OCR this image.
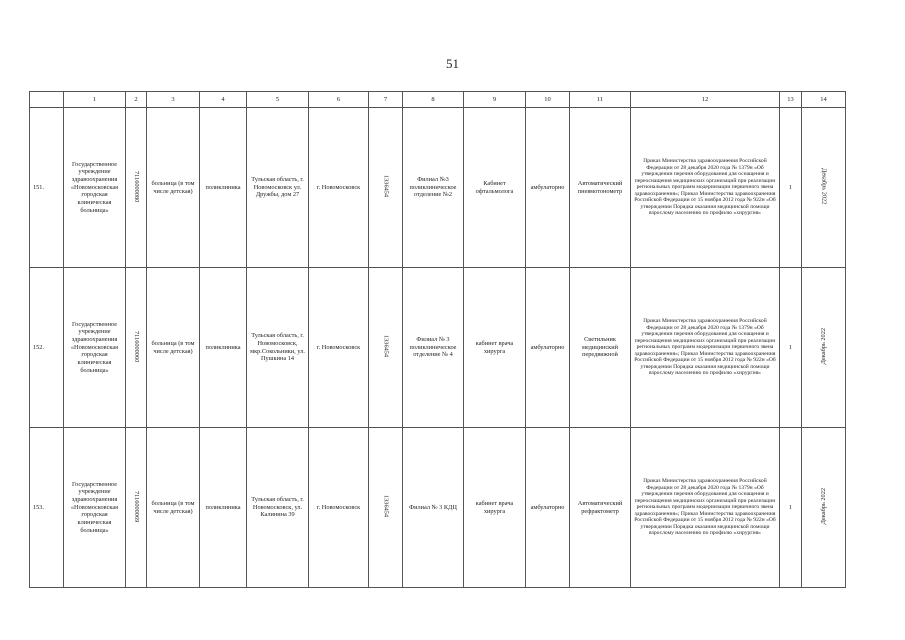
51
	1	2	3	4	5	6	7	8	9	10	11	12	13	14
151.	Государственное учреждение здравоохранения «Новомосковская городская клиническая больница»	7116000080	больница (в том числе детская)	поликлиника	Тульская область, г. Новомосковск ул. Дружбы, дом 27	г. Новомосковск	1336454	Филиал №3 поликлиническое отделение №2	Кабинет офтальмолога	амбулаторно	Автоматический пневмотонометр	Приказ Министерства здравоохранения Российской Федерации от 28 декабря 2020 года № 1379н «Об утверждении перечня оборудования для оснащения и переоснащения медицинских организаций при реализации региональных программ модернизации первичного звена здравоохранения»; Приказ Министерства здравоохранения Российской Федерации от 15 ноября 2012 года № 922н «Об утверждении Порядка оказания медицинской помощи взрослому населению по профилю «хирургия»	1	Декабрь 2022
152.	Государственное учреждение здравоохранения «Новомосковская городская клиническая больница»	7116000060	больница (в том числе детская)	поликлиника	Тульская область, г. Новомосковск, мкр.Сокольники, ул. Пушкина 14	г. Новомосковск	1336454	Филиал № 3 поликлиническое отделение № 4	кабинет врача хирурга	амбулаторно	Светильник медицинский передвижной	Приказ Министерства здравоохранения Российской Федерации от 28 декабря 2020 года № 1379н «Об утверждении перечня оборудования для оснащения и переоснащения медицинских организаций при реализации региональных программ модернизации первичного звена здравоохранения»; Приказ Министерства здравоохранения Российской Федерации от 15 ноября 2012 года № 922н «Об утверждении Порядка оказания медицинской помощи взрослому населению по профилю «хирургия»	1	Декабрь 2022
153.	Государственное учреждение здравоохранения «Новомосковская городская клиническая больница»	7116000069	больница (в том числе детская)	поликлиника	Тульская область, г. Новомосковск, ул. Калинина 39	г. Новомосковск	1336454	Филиал № 3 КДЦ	кабинет врача хирурга	амбулаторно	Автоматический рефрактометр	Приказ Министерства здравоохранения Российской Федерации от 28 декабря 2020 года № 1379н «Об утверждении перечня оборудования для оснащения и переоснащения медицинских организаций при реализации региональных программ модернизации первичного звена здравоохранения»; Приказ Министерства здравоохранения Российской Федерации от 15 ноября 2012 года № 922н «Об утверждении Порядка оказания медицинской помощи взрослому населению по профилю «хирургия»	1	Декабрь 2022
